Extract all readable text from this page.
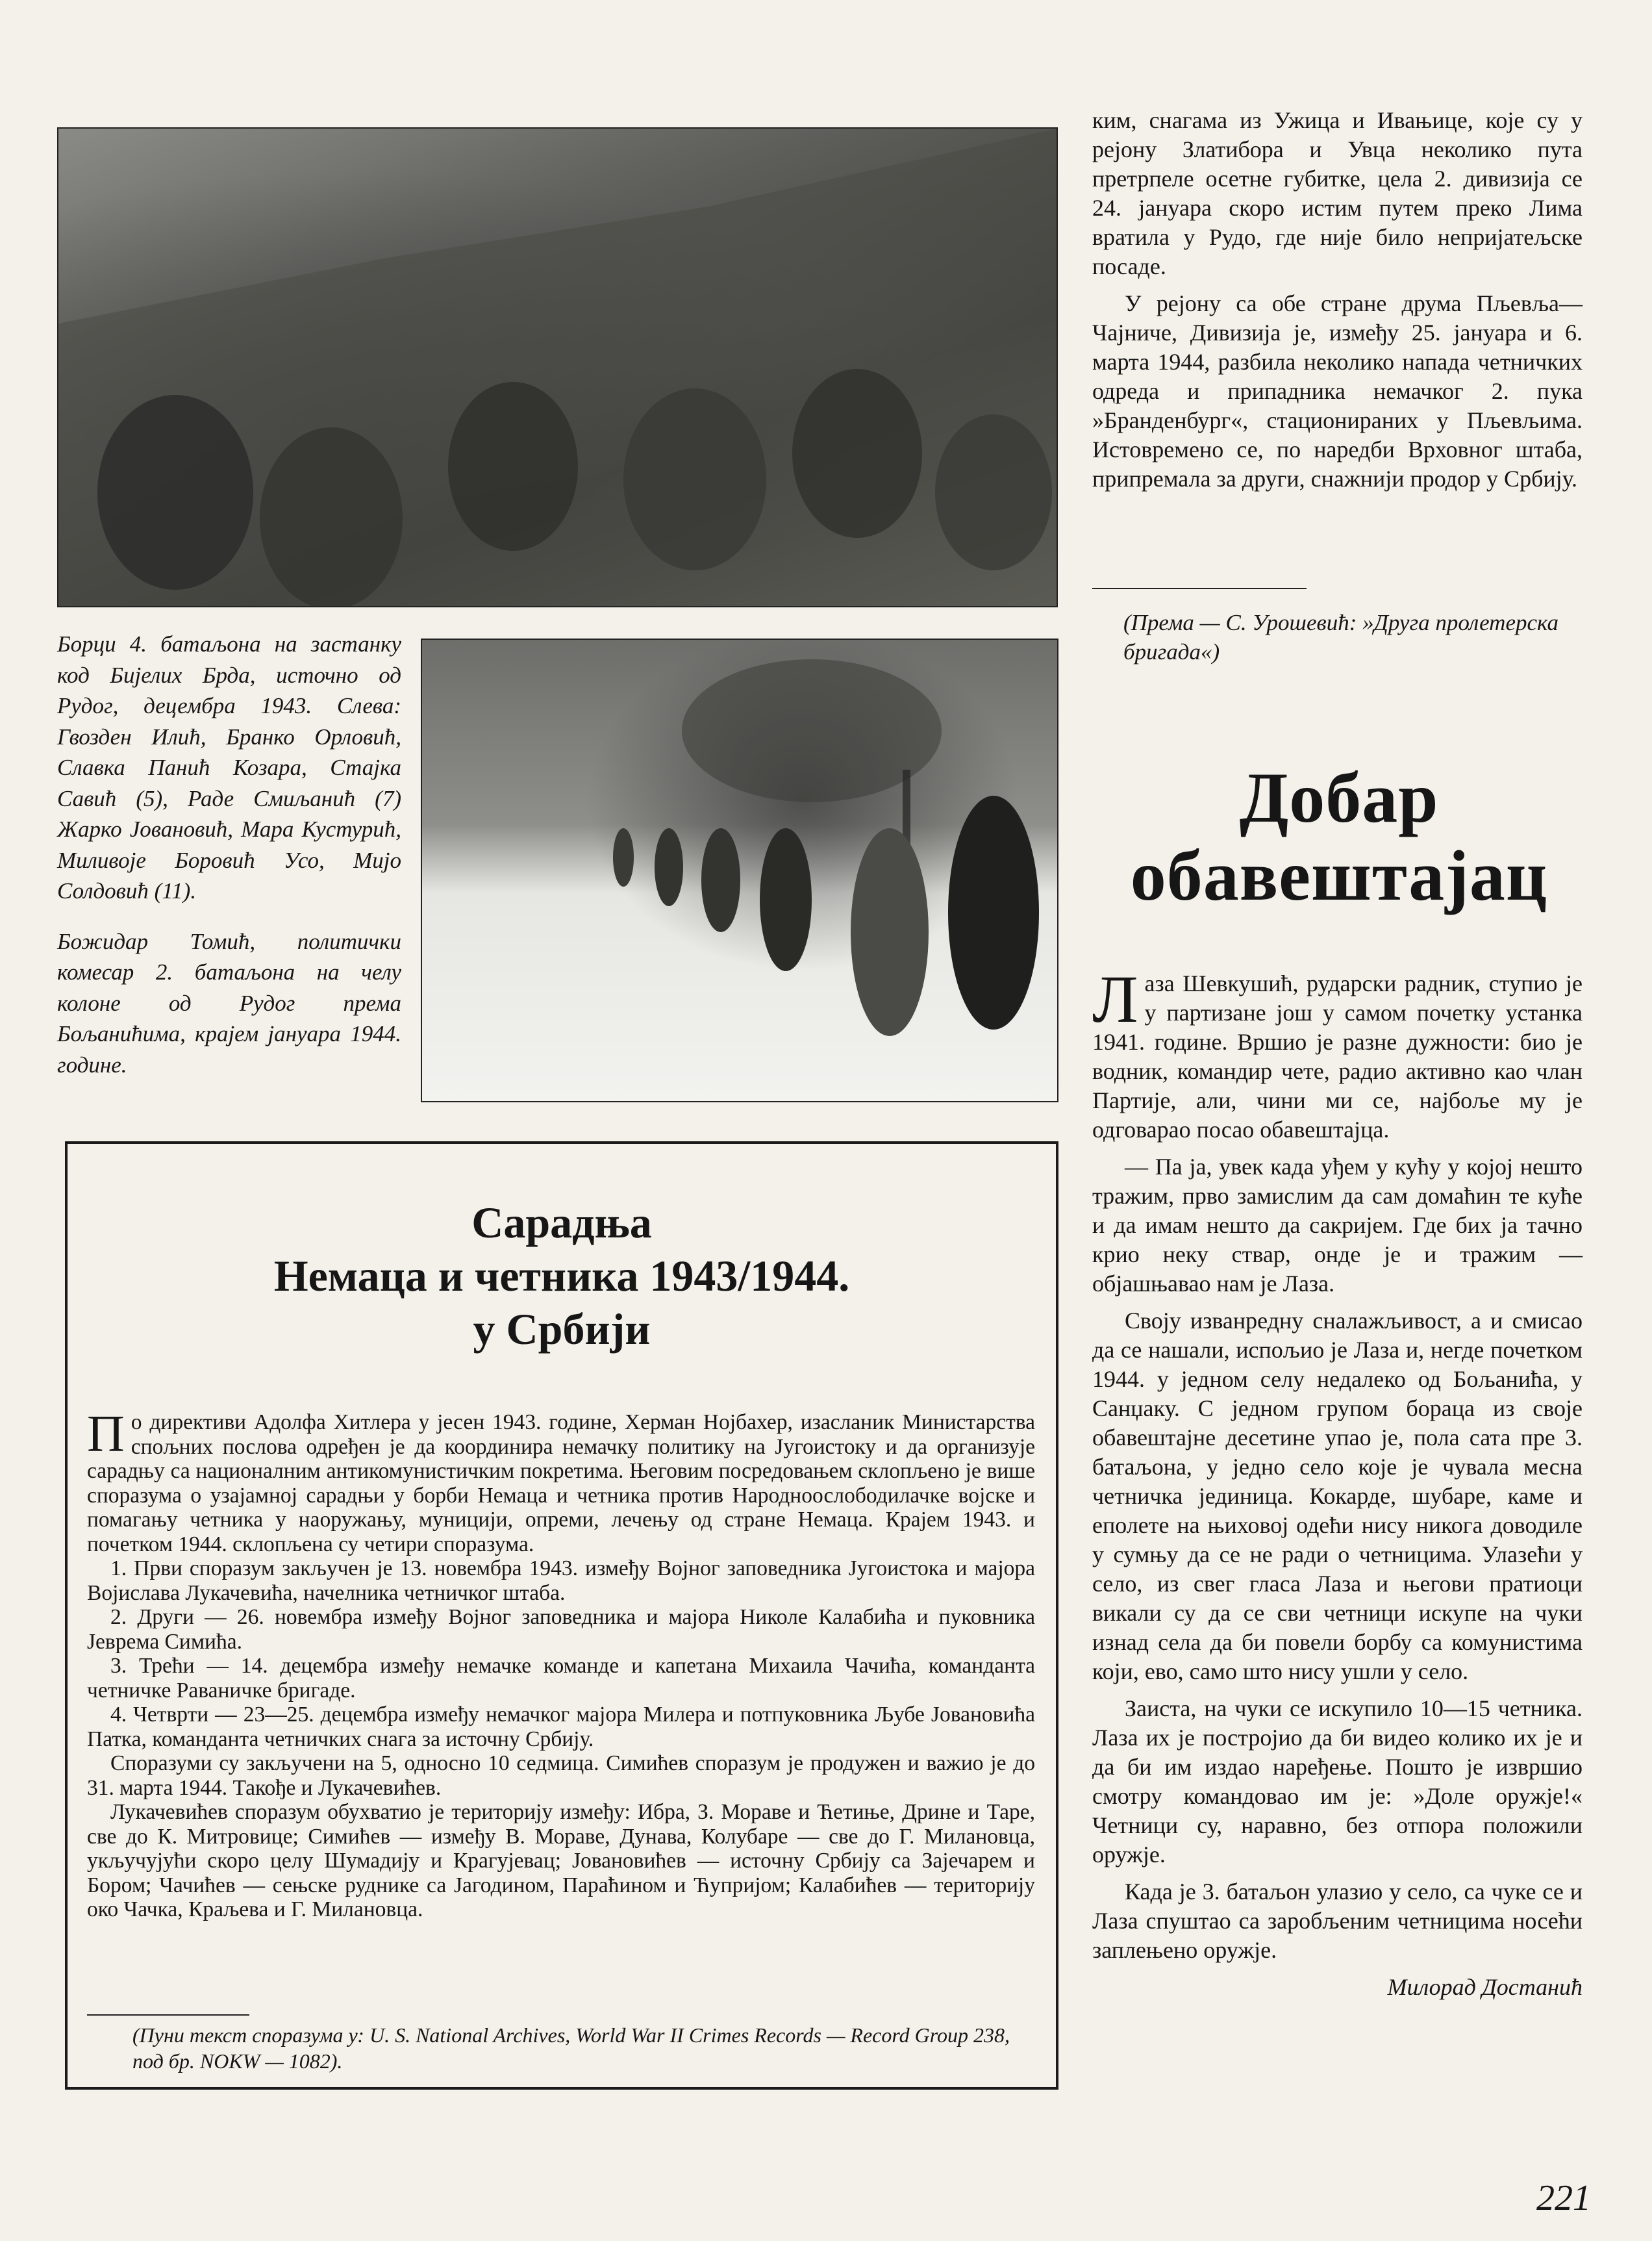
Борци 4. батаљона на застанку код Бијелих Брда, источно од Рудог, децембра 1943. Слева: Гвозден Илић, Бранко Орловић, Славка Панић Козара, Стајка Савић (5), Раде Смиљанић (7) Жарко Јовановић, Мара Кустурић, Миливоје Боровић Усо, Мијо Солдовић (11).

Божидар Томић, политички комесар 2. батаљона на челу колоне од Рудог према Бољанићима, крајем јануара 1944. године.

ким, снагама из Ужица и Ивањице, које су у рејону Златибора и Увца неколико пута претрпеле осетне губитке, цела 2. дивизија се 24. јануара скоро истим путем преко Лима вратила у Рудо, где није било непријатељске посаде.

У рејону са обе стране друма Пљевља—Чајниче, Дивизија је, између 25. јануара и 6. марта 1944, разбила неколико напада четничких одреда и припадника немачког 2. пука »Бранденбург«, стационираних у Пљевљима. Истовремено се, по наредби Врховног штаба, припремала за други, снажнији продор у Србију.

(Према — С. Урошевић: »Друга пролетерска бригада«)
Добар
обавештајац

Лаза Шевкушић, рударски радник, ступио је у партизане још у самом почетку устанка 1941. године. Вршио је разне дужности: био је водник, командир чете, радио активно као члан Партије, али, чини ми се, најбоље му је одговарао посао обавештајца.

— Па ја, увек када уђем у кућу у којој нешто тражим, прво замислим да сам домаћин те куће и да имам нешто да сакријем. Где бих ја тачно крио неку ствар, онде је и тражим — објашњавао нам је Лаза.

Своју изванредну сналажљивост, а и смисао да се нашали, испољио је Лаза и, негде почетком 1944. у једном селу недалеко од Бољанића, у Санџаку. С једном групом бораца из своје обавештајне десетине упао је, пола сата пре 3. батаљона, у једно село које је чувала месна четничка јединица. Кокарде, шубаре, каме и еполете на њиховој одећи нису никога доводиле у сумњу да се не ради о четницима. Улазећи у село, из свег гласа Лаза и његови пратиоци викали су да се сви четници искупе на чуки изнад села да би повели борбу са комунистима који, ево, само што нису ушли у село.

Заиста, на чуки се искупило 10—15 четника. Лаза их је постројио да би видео колико их је и да би им издао наређење. Пошто је извршио смотру командовао им је: »Доле оружје!« Четници су, наравно, без отпора положили оружје.

Када је 3. батаљон улазио у село, са чуке се и Лаза спуштао са заробљеним четницима носећи заплењено оружје.

Милорад Достанић
Сарадња
Немаца и четника 1943/1944.
у Србији

По директиви Адолфа Хитлера у јесен 1943. године, Херман Нојбахер, изасланик Министарства спољних послова одређен је да координира немачку политику на Југоистоку и да организује сарадњу са националним антикомунистичким покретима. Његовим посредовањем склопљено је више споразума о узајамној сарадњи у борби Немаца и четника против Народноослободилачке војске и помагању четника у наоружању, муницији, опреми, лечењу од стране Немаца. Крајем 1943. и почетком 1944. склопљена су четири споразума.

1. Први споразум закључен је 13. новембра 1943. између Војног заповедника Југоистока и мајора Војислава Лукачевића, начелника четничког штаба.

2. Други — 26. новембра између Војног заповедника и мајора Николе Калабића и пуковника Јеврема Симића.

3. Трећи — 14. децембра између немачке команде и капетана Михаила Чачића, команданта четничке Раваничке бригаде.

4. Четврти — 23—25. децембра између немачког мајора Милера и потпуковника Љубе Јовановића Патка, команданта четничких снага за источну Србију.

Споразуми су закључени на 5, односно 10 седмица. Симићев споразум је продужен и важио је до 31. марта 1944. Такође и Лукачевићев.

Лукачевићев споразум обухватио је територију између: Ибра, З. Мораве и Ћетиње, Дрине и Таре, све до К. Митровице; Симићев — између В. Мораве, Дунава, Колубаре — све до Г. Милановца, укључујући скоро целу Шумадију и Крагујевац; Јовановићев — источну Србију са Зајечарем и Бором; Чачићев — сењске руднике са Јагодином, Параћином и Ћупријом; Калабићев — територију око Чачка, Краљева и Г. Милановца.

(Пуни текст споразума у: U. S. National Archives, World War II Crimes Records — Record Group 238, под бр. NOKW — 1082).
221
